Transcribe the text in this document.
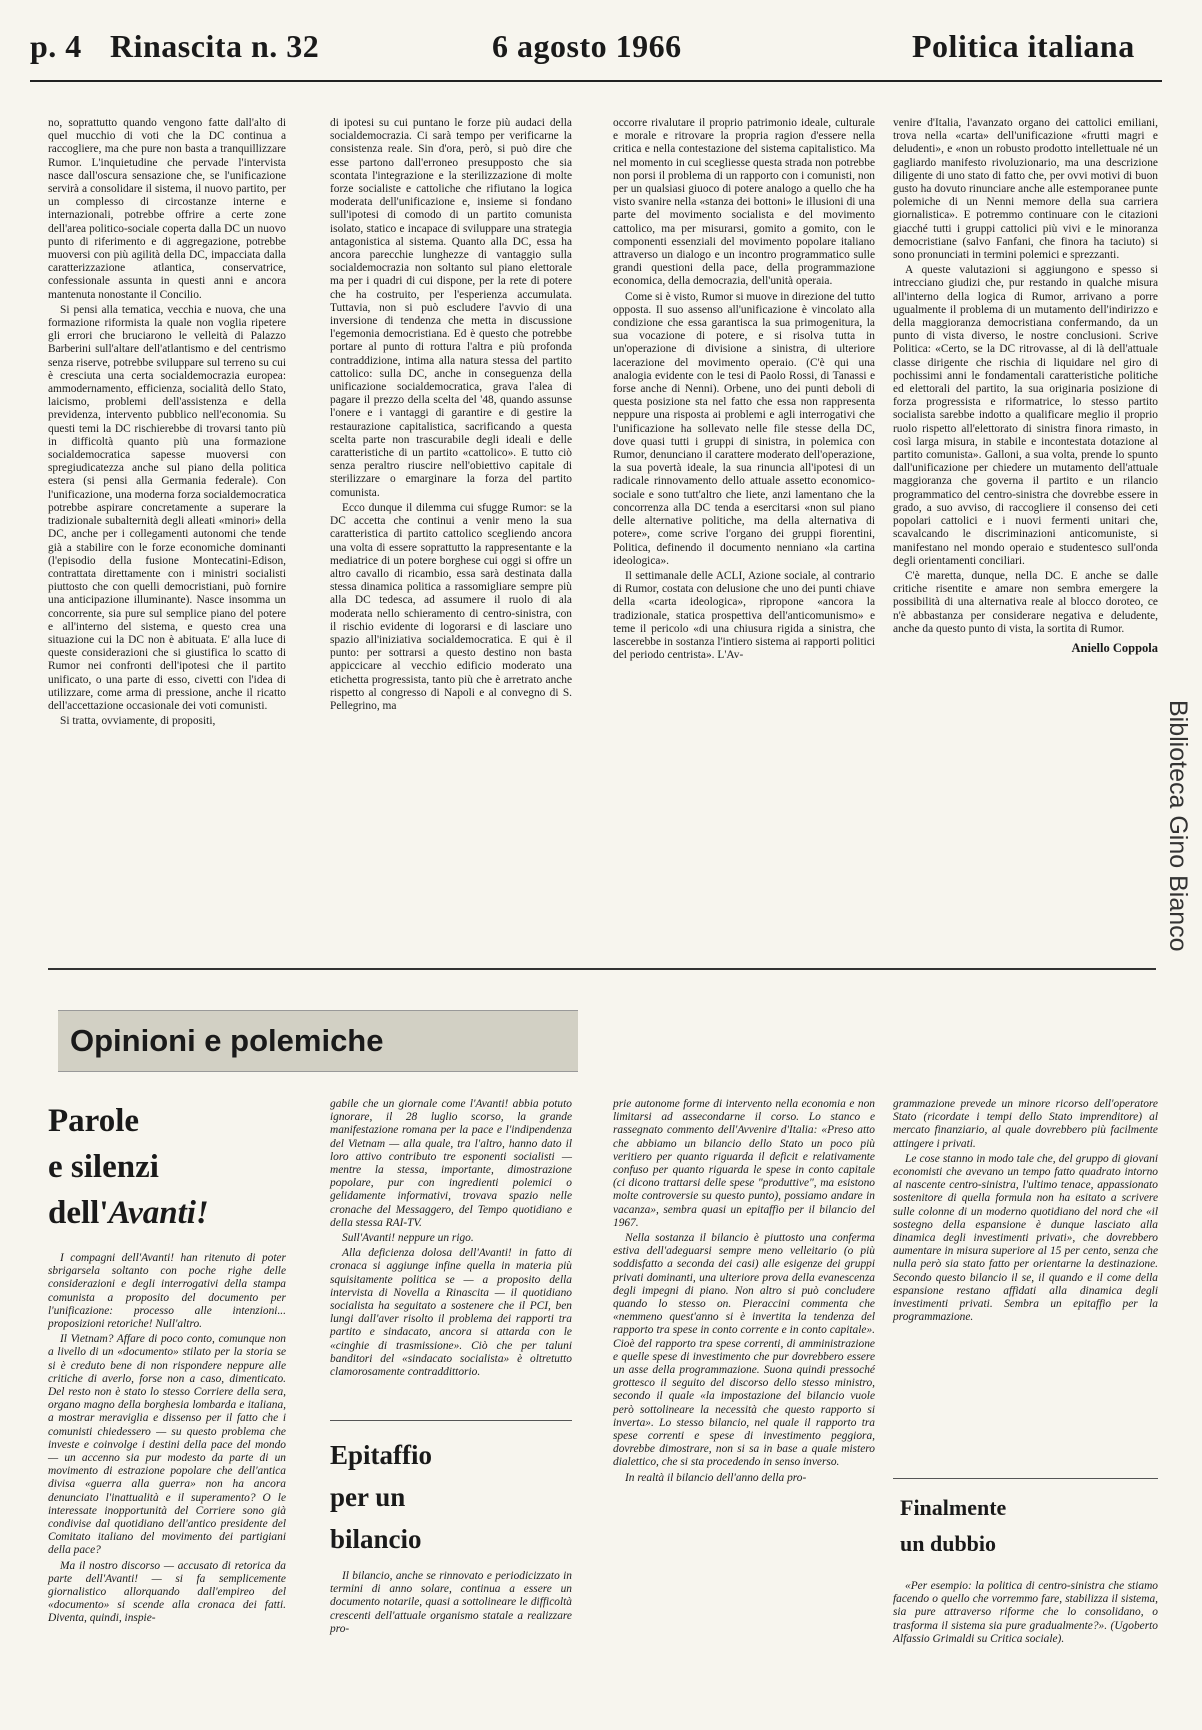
p. 4 Rinascita n. 32	6 agosto 1966	Politica italiana

no, soprattutto quando vengono fatte dall'alto di quel mucchio di voti che la DC continua a raccogliere, ma che pure non basta a tranquillizzare Rumor. L'inquietudine che pervade l'intervista nasce dall'oscura sensazione che, se l'unificazione servirà a consolidare il sistema, il nuovo partito, per un complesso di circostanze interne e internazionali, potrebbe offrire a certe zone dell'area politico-sociale coperta dalla DC un nuovo punto di riferimento e di aggregazione, potrebbe muoversi con più agilità della DC, impacciata dalla caratterizzazione atlantica, conservatrice, confessionale assunta in questi anni e ancora mantenuta nonostante il Concilio.

Si pensi alla tematica, vecchia e nuova, che una formazione riformista la quale non voglia ripetere gli errori che bruciarono le velleità di Palazzo Barberini sull'altare dell'atlantismo e del centrismo senza riserve, potrebbe sviluppare sul terreno su cui è cresciuta una certa socialdemocrazia europea: ammodernamento, efficienza, socialità dello Stato, laicismo, problemi dell'assistenza e della previdenza, intervento pubblico nell'economia. Su questi temi la DC rischierebbe di trovarsi tanto più in difficoltà quanto più una formazione socialdemocratica sapesse muoversi con spregiudicatezza anche sul piano della politica estera (si pensi alla Germania federale). Con l'unificazione, una moderna forza socialdemocratica potrebbe aspirare concretamente a superare la tradizionale subalternità degli alleati «minori» della DC, anche per i collegamenti autonomi che tende già a stabilire con le forze economiche dominanti (l'episodio della fusione Montecatini-Edison, contrattata direttamente con i ministri socialisti piuttosto che con quelli democristiani, può fornire una anticipazione illuminante). Nasce insomma un concorrente, sia pure sul semplice piano del potere e all'interno del sistema, e questo crea una situazione cui la DC non è abituata. E' alla luce di queste considerazioni che si giustifica lo scatto di Rumor nei confronti dell'ipotesi che il partito unificato, o una parte di esso, civetti con l'idea di utilizzare, come arma di pressione, anche il ricatto dell'accettazione occasionale dei voti comunisti.

Si tratta, ovviamente, di propositi,

di ipotesi su cui puntano le forze più audaci della socialdemocrazia. Ci sarà tempo per verificarne la consistenza reale. Sin d'ora, però, si può dire che esse partono dall'erroneo presupposto che sia scontata l'integrazione e la sterilizzazione di molte forze socialiste e cattoliche che rifiutano la logica moderata dell'unificazione e, insieme si fondano sull'ipotesi di comodo di un partito comunista isolato, statico e incapace di sviluppare una strategia antagonistica al sistema. Quanto alla DC, essa ha ancora parecchie lunghezze di vantaggio sulla socialdemocrazia non soltanto sul piano elettorale ma per i quadri di cui dispone, per la rete di potere che ha costruito, per l'esperienza accumulata. Tuttavia, non si può escludere l'avvio di una inversione di tendenza che metta in discussione l'egemonia democristiana. Ed è questo che potrebbe portare al punto di rottura l'altra e più profonda contraddizione, intima alla natura stessa del partito cattolico: sulla DC, anche in conseguenza della unificazione socialdemocratica, grava l'alea di pagare il prezzo della scelta del '48, quando assunse l'onere e i vantaggi di garantire e di gestire la restaurazione capitalistica, sacrificando a questa scelta parte non trascurabile degli ideali e delle caratteristiche di un partito «cattolico». E tutto ciò senza peraltro riuscire nell'obiettivo capitale di sterilizzare o emarginare la forza del partito comunista.

Ecco dunque il dilemma cui sfugge Rumor: se la DC accetta che continui a venir meno la sua caratteristica di partito cattolico scegliendo ancora una volta di essere soprattutto la rappresentante e la mediatrice di un potere borghese cui oggi si offre un altro cavallo di ricambio, essa sarà destinata dalla stessa dinamica politica a rassomigliare sempre più alla DC tedesca, ad assumere il ruolo di ala moderata nello schieramento di centro-sinistra, con il rischio evidente di logorarsi e di lasciare uno spazio all'iniziativa socialdemocratica. E qui è il punto: per sottrarsi a questo destino non basta appiccicare al vecchio edificio moderato una etichetta progressista, tanto più che è arretrato anche rispetto al congresso di Napoli e al convegno di S. Pellegrino, ma

occorre rivalutare il proprio patrimonio ideale, culturale e morale e ritrovare la propria ragion d'essere nella critica e nella contestazione del sistema capitalistico. Ma nel momento in cui scegliesse questa strada non potrebbe non porsi il problema di un rapporto con i comunisti, non per un qualsiasi giuoco di potere analogo a quello che ha visto svanire nella «stanza dei bottoni» le illusioni di una parte del movimento socialista e del movimento cattolico, ma per misurarsi, gomito a gomito, con le componenti essenziali del movimento popolare italiano attraverso un dialogo e un incontro programmatico sulle grandi questioni della pace, della programmazione economica, della democrazia, dell'unità operaia.

Come si è visto, Rumor si muove in direzione del tutto opposta. Il suo assenso all'unificazione è vincolato alla condizione che essa garantisca la sua primogenitura, la sua vocazione di potere, e si risolva tutta in un'operazione di divisione a sinistra, di ulteriore lacerazione del movimento operaio. (C'è qui una analogia evidente con le tesi di Paolo Rossi, di Tanassi e forse anche di Nenni). Orbene, uno dei punti deboli di questa posizione sta nel fatto che essa non rappresenta neppure una risposta ai problemi e agli interrogativi che l'unificazione ha sollevato nelle file stesse della DC, dove quasi tutti i gruppi di sinistra, in polemica con Rumor, denunciano il carattere moderato dell'operazione, la sua povertà ideale, la sua rinuncia all'ipotesi di un radicale rinnovamento dello attuale assetto economico-sociale e sono tutt'altro che liete, anzi lamentano che la concorrenza alla DC tenda a esercitarsi «non sul piano delle alternative politiche, ma della alternativa di potere», come scrive l'organo dei gruppi fiorentini, Politica, definendo il documento nenniano «la cartina ideologica».

Il settimanale delle ACLI, Azione sociale, al contrario di Rumor, costata con delusione che uno dei punti chiave della «carta ideologica», ripropone «ancora la tradizionale, statica prospettiva dell'anticomunismo» e teme il pericolo «di una chiusura rigida a sinistra, che lascerebbe in sostanza l'intiero sistema ai rapporti politici del periodo centrista». L'Av-

venire d'Italia, l'avanzato organo dei cattolici emiliani, trova nella «carta» dell'unificazione «frutti magri e deludenti», e «non un robusto prodotto intellettuale né un gagliardo manifesto rivoluzionario, ma una descrizione diligente di uno stato di fatto che, per ovvi motivi di buon gusto ha dovuto rinunciare anche alle estemporanee punte polemiche di un Nenni memore della sua carriera giornalistica». E potremmo continuare con le citazioni giacché tutti i gruppi cattolici più vivi e le minoranza democristiane (salvo Fanfani, che finora ha taciuto) si sono pronunciati in termini polemici e sprezzanti.

A queste valutazioni si aggiungono e spesso si intrecciano giudizi che, pur restando in qualche misura all'interno della logica di Rumor, arrivano a porre ugualmente il problema di un mutamento dell'indirizzo e della maggioranza democristiana confermando, da un punto di vista diverso, le nostre conclusioni. Scrive Politica: «Certo, se la DC ritrovasse, al di là dell'attuale classe dirigente che rischia di liquidare nel giro di pochissimi anni le fondamentali caratteristiche politiche ed elettorali del partito, la sua originaria posizione di forza progressista e riformatrice, lo stesso partito socialista sarebbe indotto a qualificare meglio il proprio ruolo rispetto all'elettorato di sinistra finora rimasto, in così larga misura, in stabile e incontestata dotazione al partito comunista». Galloni, a sua volta, prende lo spunto dall'unificazione per chiedere un mutamento dell'attuale maggioranza che governa il partito e un rilancio programmatico del centro-sinistra che dovrebbe essere in grado, a suo avviso, di raccogliere il consenso dei ceti popolari cattolici e i nuovi fermenti unitari che, scavalcando le discriminazioni anticomuniste, si manifestano nel mondo operaio e studentesco sull'onda degli orientamenti conciliari.

C'è maretta, dunque, nella DC. E anche se dalle critiche risentite e amare non sembra emergere la possibilità di una alternativa reale al blocco doroteo, ce n'è abbastanza per considerare negativa e deludente, anche da questo punto di vista, la sortita di Rumor.

Aniello Coppola
Biblioteca Gino Bianco
Opinioni e polemiche
Parole
e silenzi
dell'Avanti!

I compagni dell'Avanti! han ritenuto di poter sbrigarsela soltanto con poche righe delle considerazioni e degli interrogativi della stampa comunista a proposito del documento per l'unificazione: processo alle intenzioni... proposizioni retoriche! Null'altro.

Il Vietnam? Affare di poco conto, comunque non a livello di un «documento» stilato per la storia se si è creduto bene di non rispondere neppure alle critiche di averlo, forse non a caso, dimenticato. Del resto non è stato lo stesso Corriere della sera, organo magno della borghesia lombarda e italiana, a mostrar meraviglia e dissenso per il fatto che i comunisti chiedessero — su questo problema che investe e coinvolge i destini della pace del mondo — un accenno sia pur modesto da parte di un movimento di estrazione popolare che dell'antica divisa «guerra alla guerra» non ha ancora denunciato l'inattualità e il superamento? O le interessate inopportunità del Corriere sono già condivise dal quotidiano dell'antico presidente del Comitato italiano del movimento dei partigiani della pace?

Ma il nostro discorso — accusato di retorica da parte dell'Avanti! — si fa semplicemente giornalistico allorquando dall'empireo del «documento» si scende alla cronaca dei fatti. Diventa, quindi, inspie-

gabile che un giornale come l'Avanti! abbia potuto ignorare, il 28 luglio scorso, la grande manifestazione romana per la pace e l'indipendenza del Vietnam — alla quale, tra l'altro, hanno dato il loro attivo contributo tre esponenti socialisti — mentre la stessa, importante, dimostrazione popolare, pur con ingredienti polemici o gelidamente informativi, trovava spazio nelle cronache del Messaggero, del Tempo quotidiano e della stessa RAI-TV.

Sull'Avanti! neppure un rigo.

Alla deficienza dolosa dell'Avanti! in fatto di cronaca si aggiunge infine quella in materia più squisitamente politica se — a proposito della intervista di Novella a Rinascita — il quotidiano socialista ha seguitato a sostenere che il PCI, ben lungi dall'aver risolto il problema dei rapporti tra partito e sindacato, ancora si attarda con le «cinghie di trasmissione». Ciò che per taluni banditori del «sindacato socialista» è oltretutto clamorosamente contraddittorio.

Epitaffio
per un
bilancio

Il bilancio, anche se rinnovato e periodicizzato in termini di anno solare, continua a essere un documento notarile, quasi a sottolineare le difficoltà crescenti dell'attuale organismo statale a realizzare pro-

prie autonome forme di intervento nella economia e non limitarsi ad assecondarne il corso. Lo stanco e rassegnato commento dell'Avvenire d'Italia: «Preso atto che abbiamo un bilancio dello Stato un poco più veritiero per quanto riguarda il deficit e relativamente confuso per quanto riguarda le spese in conto capitale (ci dicono trattarsi delle spese "produttive", ma esistono molte controversie su questo punto), possiamo andare in vacanza», sembra quasi un epitaffio per il bilancio del 1967.

Nella sostanza il bilancio è piuttosto una conferma estiva dell'adeguarsi sempre meno velleitario (o più soddisfatto a seconda dei casi) alle esigenze dei gruppi privati dominanti, una ulteriore prova della evanescenza degli impegni di piano. Non altro si può concludere quando lo stesso on. Pieraccini commenta che «nemmeno quest'anno si è invertita la tendenza del rapporto tra spese in conto corrente e in conto capitale». Cioè del rapporto tra spese correnti, di amministrazione e quelle spese di investimento che pur dovrebbero essere un asse della programmazione. Suona quindi pressoché grottesco il seguito del discorso dello stesso ministro, secondo il quale «la impostazione del bilancio vuole però sottolineare la necessità che questo rapporto si inverta». Lo stesso bilancio, nel quale il rapporto tra spese correnti e spese di investimento peggiora, dovrebbe dimostrare, non si sa in base a quale mistero dialettico, che si sta procedendo in senso inverso.

In realtà il bilancio dell'anno della pro-

grammazione prevede un minore ricorso dell'operatore Stato (ricordate i tempi dello Stato imprenditore) al mercato finanziario, al quale dovrebbero più facilmente attingere i privati.

Le cose stanno in modo tale che, del gruppo di giovani economisti che avevano un tempo fatto quadrato intorno al nascente centro-sinistra, l'ultimo tenace, appassionato sostenitore di quella formula non ha esitato a scrivere sulle colonne di un moderno quotidiano del nord che «il sostegno della espansione è dunque lasciato alla dinamica degli investimenti privati», che dovrebbero aumentare in misura superiore al 15 per cento, senza che nulla però sia stato fatto per orientarne la destinazione. Secondo questo bilancio il se, il quando e il come della espansione restano affidati alla dinamica degli investimenti privati. Sembra un epitaffio per la programmazione.

Finalmente
un dubbio

«Per esempio: la politica di centro-sinistra che stiamo facendo o quello che vorremmo fare, stabilizza il sistema, sia pure attraverso riforme che lo consolidano, o trasforma il sistema sia pure gradualmente?». (Ugoberto Alfassio Grimaldi su Critica sociale).
